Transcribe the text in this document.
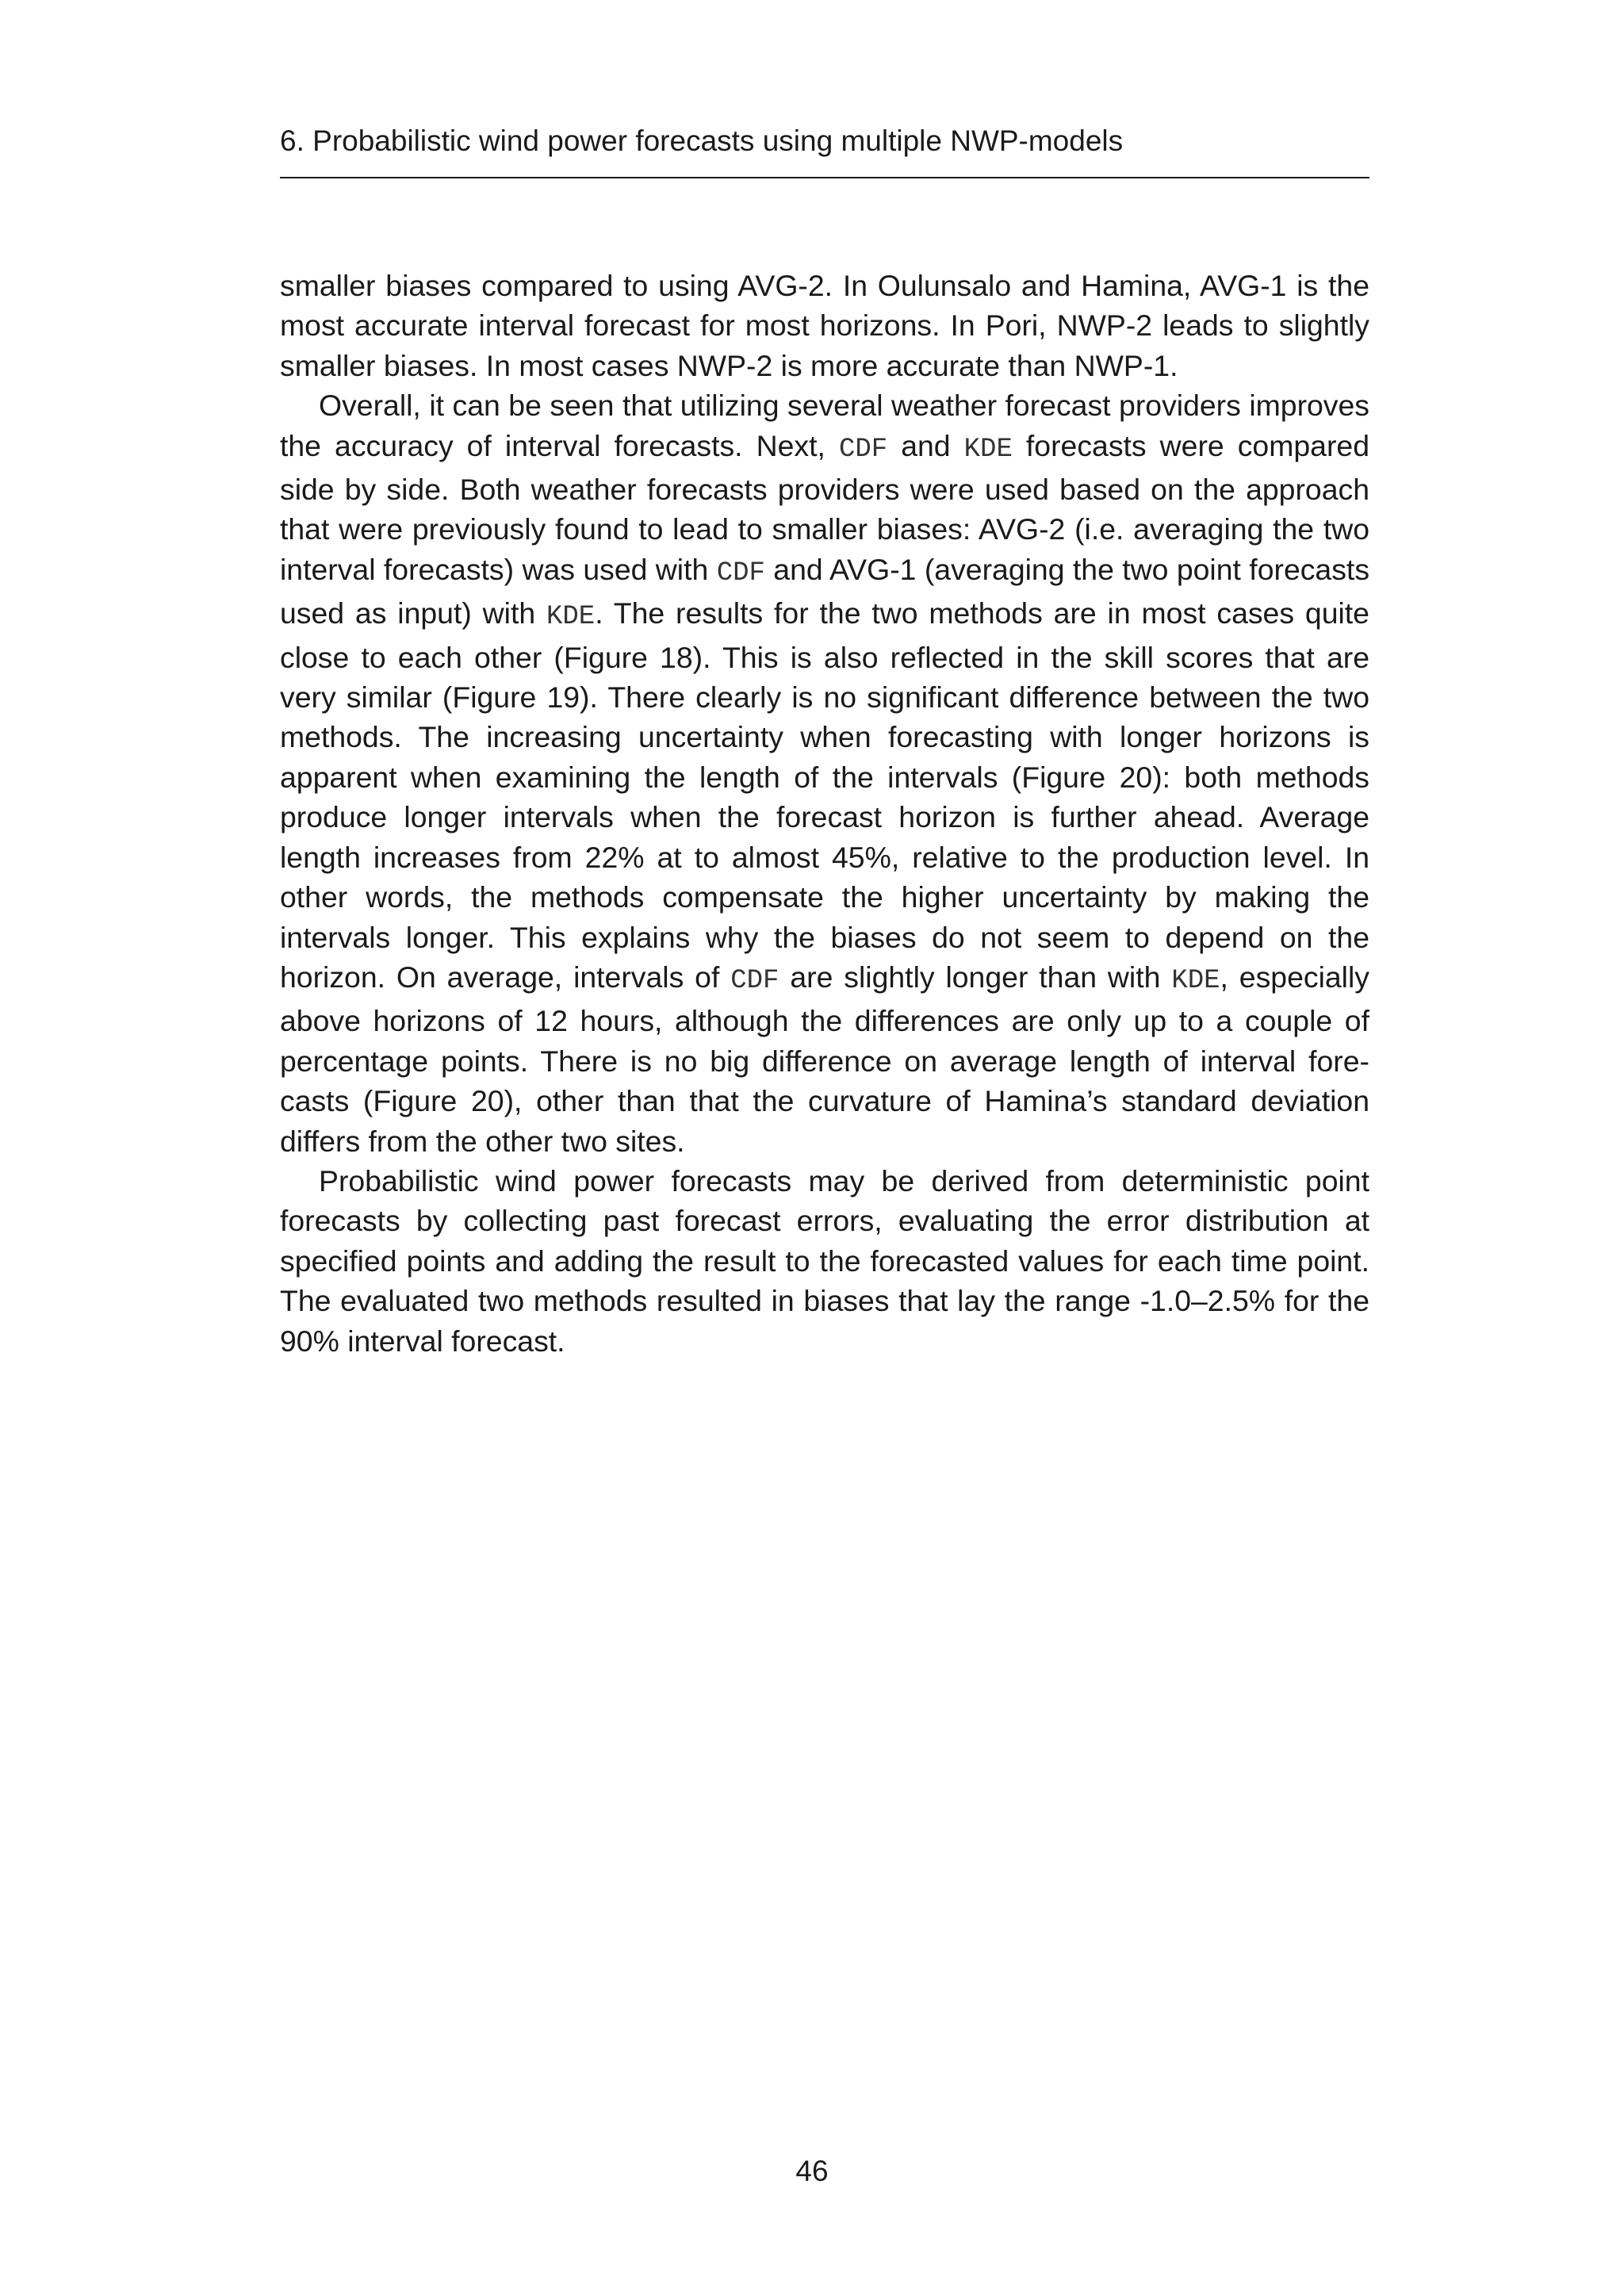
6. Probabilistic wind power forecasts using multiple NWP-models

smaller biases compared to using AVG-2. In Oulunsalo and Hamina, AVG-1 is the most accurate interval forecast for most horizons. In Pori, NWP-2 leads to slightly smaller biases. In most cases NWP-2 is more accurate than NWP-1.

Overall, it can be seen that utilizing several weather forecast providers improves the accuracy of interval forecasts. Next, CDF and KDE forecasts were compared side by side. Both weather forecasts providers were used based on the approach that were previously found to lead to smaller biases: AVG-2 (i.e. averaging the two interval forecasts) was used with CDF and AVG-1 (averaging the two point forecasts used as input) with KDE. The results for the two methods are in most cases quite close to each other (Figure 18). This is also reflected in the skill scores that are very similar (Figure 19). There clearly is no significant difference between the two methods. The increasing uncertainty when forecasting with longer horizons is apparent when examining the length of the intervals (Figure 20): both methods produce longer intervals when the forecast horizon is further ahead. Average length increases from 22% at to almost 45%, relative to the production level. In other words, the methods compensate the higher uncertainty by making the intervals longer. This explains why the biases do not seem to depend on the horizon. On average, intervals of CDF are slightly longer than with KDE, especially above horizons of 12 hours, although the differences are only up to a couple of percentage points. There is no big difference on average length of interval forecasts (Figure 20), other than that the curvature of Hamina’s standard deviation differs from the other two sites.

Probabilistic wind power forecasts may be derived from deterministic point forecasts by collecting past forecast errors, evaluating the error distribution at specified points and adding the result to the forecasted values for each time point. The evaluated two methods resulted in biases that lay the range -1.0–2.5% for the 90% interval forecast.

46
